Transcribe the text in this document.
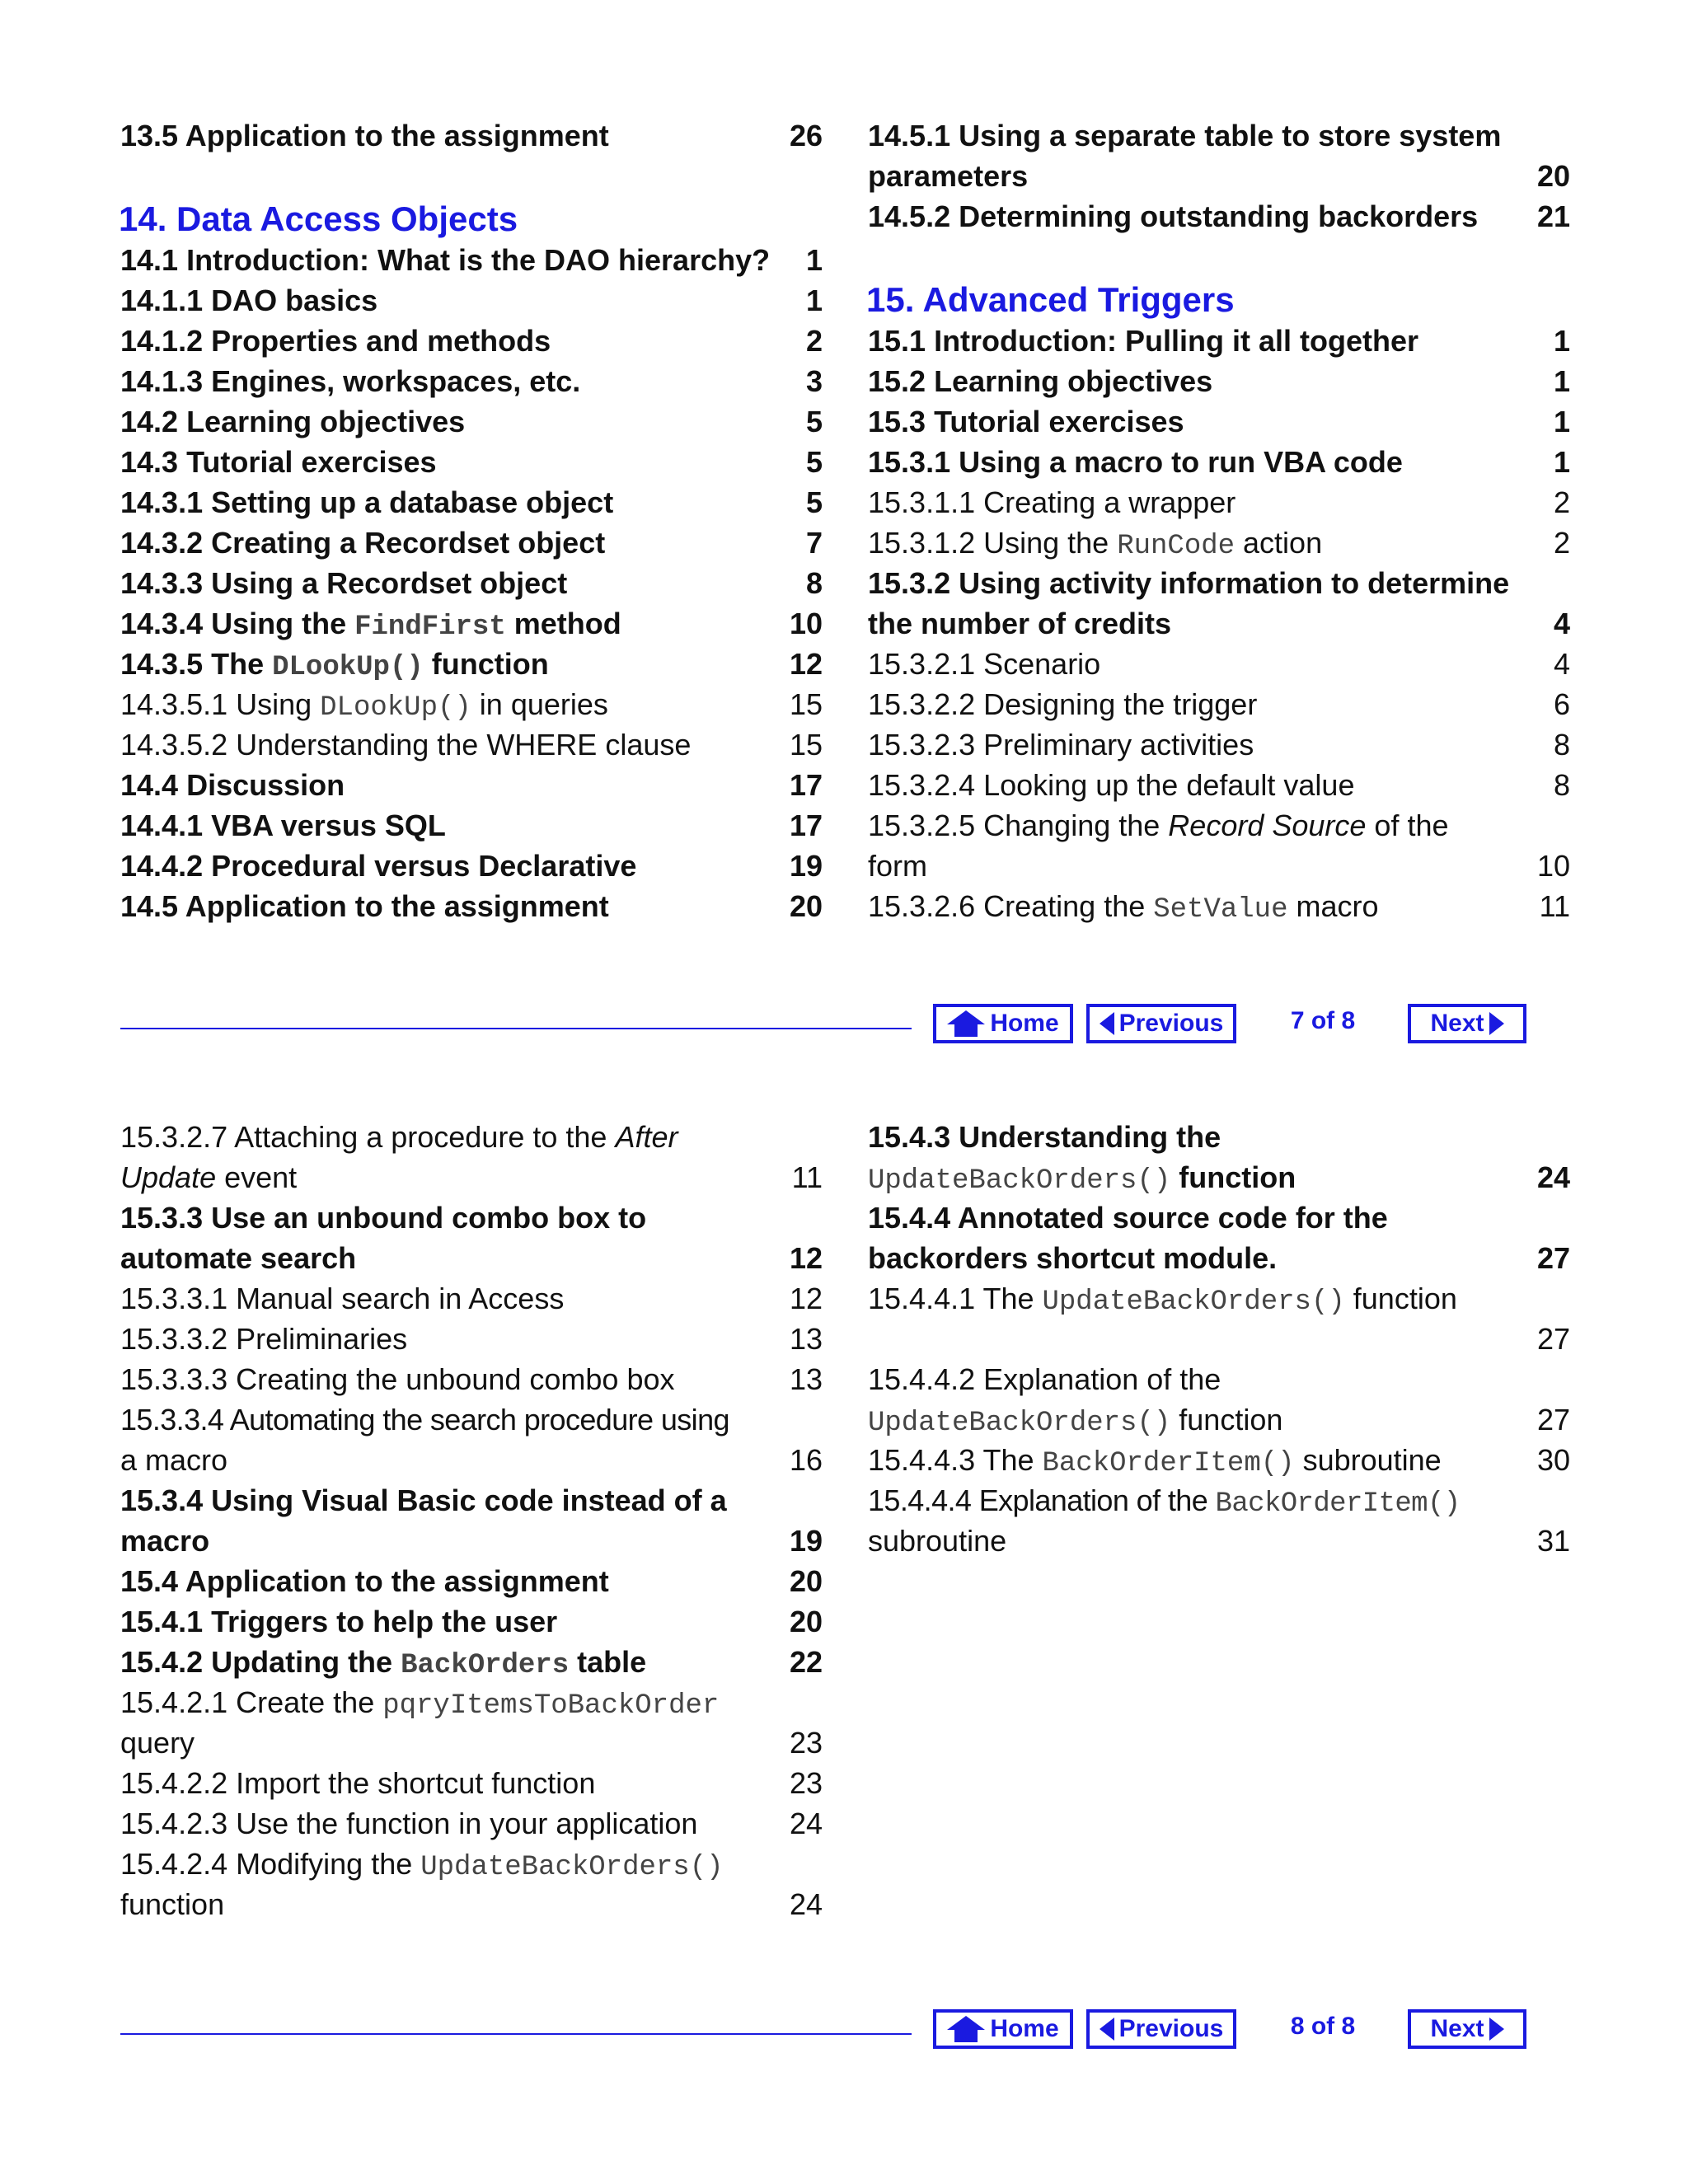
13.5 Application to the assignment	26
14. Data Access Objects
14.1 Introduction: What is the DAO hierarchy? 1
14.1.1 DAO basics	1
14.1.2 Properties and methods	2
14.1.3 Engines, workspaces, etc.	3
14.2 Learning objectives	5
14.3 Tutorial exercises	5
14.3.1 Setting up a database object	5
14.3.2 Creating a Recordset object	7
14.3.3 Using a Recordset object	8
14.3.4 Using the FindFirst method	10
14.3.5 The DLookUp() function	12
14.3.5.1 Using DLookUp() in queries	15
14.3.5.2 Understanding the WHERE clause	15
14.4 Discussion	17
14.4.1 VBA versus SQL	17
14.4.2 Procedural versus Declarative	19
14.5 Application to the assignment	20
14.5.1 Using a separate table to store system
parameters	20
14.5.2 Determining outstanding backorders 21
15. Advanced Triggers
15.1 Introduction: Pulling it all together	1
15.2 Learning objectives	1
15.3 Tutorial exercises	1
15.3.1 Using a macro to run VBA code	1
15.3.1.1 Creating a wrapper	2
15.3.1.2 Using the RunCode action	2
15.3.2 Using activity information to determine
the number of credits	4
15.3.2.1 Scenario	4
15.3.2.2 Designing the trigger	6
15.3.2.3 Preliminary activities	8
15.3.2.4 Looking up the default value	8
15.3.2.5 Changing the Record Source of the
form	10
15.3.2.6 Creating the SetValue macro	11
Home Previous	7 of 8	Next
15.3.2.7 Attaching a procedure to the After
Update event	11
15.3.3 Use an unbound combo box to
automate search	12
15.3.3.1 Manual search in Access	12
15.3.3.2 Preliminaries	13
15.3.3.3 Creating the unbound combo box	13
15.3.3.4 Automating the search procedure using
a macro	16
15.3.4 Using Visual Basic code instead of a
macro	19
15.4 Application to the assignment	20
15.4.1 Triggers to help the user	20
15.4.2 Updating the BackOrders table	22
15.4.2.1 Create the pqryItemsToBackOrder
query	23
15.4.2.2 Import the shortcut function	23
15.4.2.3 Use the function in your application	24
15.4.2.4 Modifying the UpdateBackOrders()
function	24
15.4.3 Understanding the
UpdateBackOrders() function	24
15.4.4 Annotated source code for the
backorders shortcut module.	27
15.4.4.1 The UpdateBackOrders() function
27
15.4.4.2 Explanation of the
UpdateBackOrders() function	27
15.4.4.3 The BackOrderItem() subroutine	30
15.4.4.4 Explanation of the BackOrderItem()
subroutine	31
Home Previous	8 of 8	Next
